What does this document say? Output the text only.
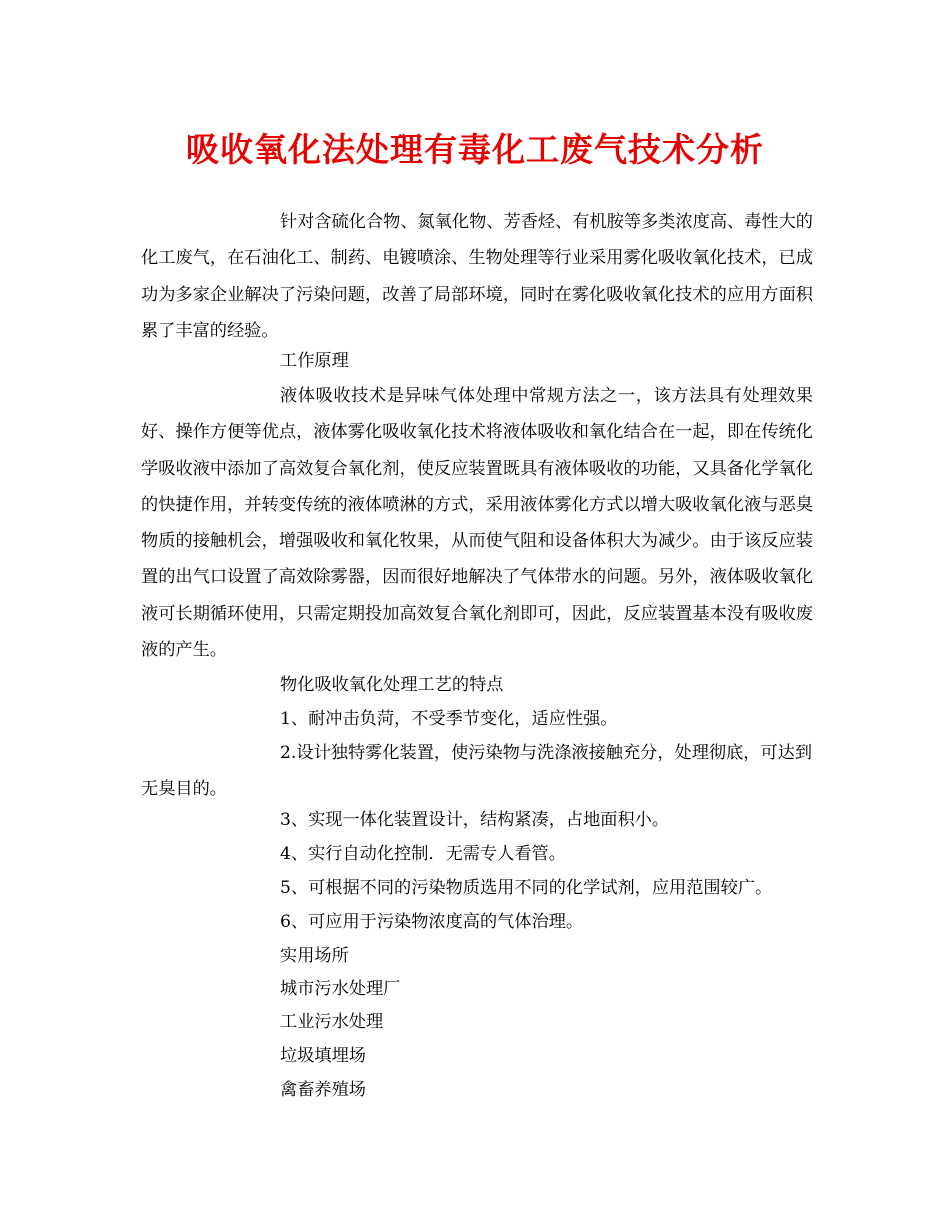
吸收氧化法处理有毒化工废气技术分析

针对含硫化合物、氮氧化物、芳香烃、有机胺等多类浓度高、毒性大的化工废气，在石油化工、制药、电镀喷涂、生物处理等行业采用雾化吸收氧化技术，已成功为多家企业解决了污染问题，改善了局部环境，同时在雾化吸收氧化技术的应用方面积累了丰富的经验。

工作原理

液体吸收技术是异味气体处理中常规方法之一，该方法具有处理效果好、操作方便等优点，液体雾化吸收氧化技术将液体吸收和氧化结合在一起，即在传统化学吸收液中添加了高效复合氧化剂，使反应装置既具有液体吸收的功能，又具备化学氧化的快捷作用，并转变传统的液体喷淋的方式，采用液体雾化方式以增大吸收氧化液与恶臭物质的接触机会，增强吸收和氧化牧果，从而使气阻和设备体积大为减少。由于该反应装置的出气口设置了高效除雾器，因而很好地解决了气体带水的问题。另外，液体吸收氧化液可长期循环使用，只需定期投加高效复合氧化剂即可，因此，反应装置基本没有吸收废液的产生。

物化吸收氧化处理工艺的特点
1、耐冲击负菏，不受季节变化，适应性强。
2.设计独特雾化装置，使污染物与洗涤液接触充分，处理彻底，可达到无臭目的。
3、实现一体化装置设计，结构紧凑，占地面积小。
4、实行自动化控制．无需专人看管。
5、可根据不同的污染物质选用不同的化学试剂，应用范围较广。
6、可应用于污染物浓度高的气体治理。
实用场所
城市污水处理厂
工业污水处理
垃圾填埋场
禽畜养殖场
